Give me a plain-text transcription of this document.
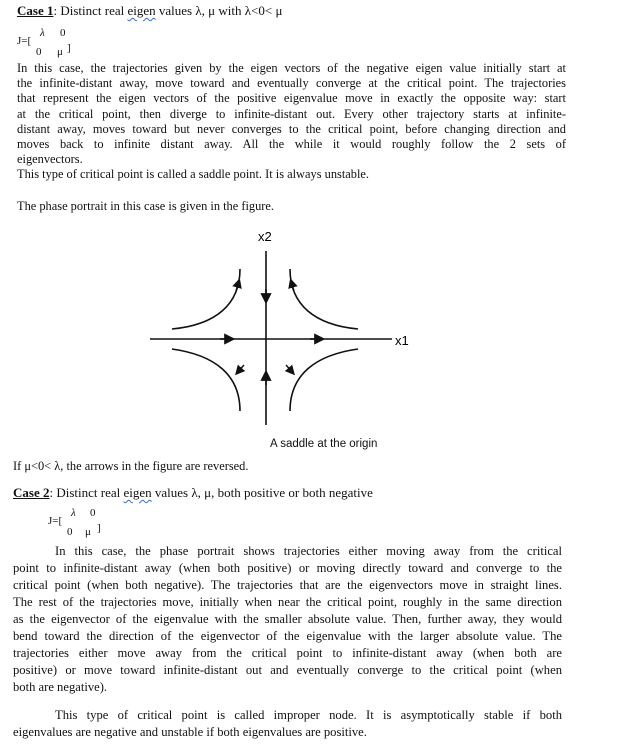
Case 1: Distinct real eigen values λ, μ with λ<0< μ
J=[
λ 0
0 μ ]
In this case, the trajectories given by the eigen vectors of the negative eigen value initially start at
the infinite-distant away, move toward and eventually converge at the critical point. The trajectories
that represent the eigen vectors of the positive eigenvalue move in exactly the opposite way: start
at the critical point, then diverge to infinite-distant out. Every other trajectory starts at infinite-
distant away, moves toward but never converges to the critical point, before changing direction and
moves back to infinite distant away. All the while it would roughly follow the 2 sets of
eigenvectors.
This type of critical point is called a saddle point. It is always unstable.
The phase portrait in this case is given in the figure.
x2
x1
A saddle at the origin
If μ<0< λ, the arrows in the figure are reversed.
Case 2: Distinct real eigen values λ, μ, both positive or both negative
J=[
λ 0
0 μ ]
In this case, the phase portrait shows trajectories either moving away from the critical
point to infinite-distant away (when both positive) or moving directly toward and converge to the
critical point (when both negative). The trajectories that are the eigenvectors move in straight lines.
The rest of the trajectories move, initially when near the critical point, roughly in the same direction
as the eigenvector of the eigenvalue with the smaller absolute value. Then, further away, they would
bend toward the direction of the eigenvector of the eigenvalue with the larger absolute value. The
trajectories either move away from the critical point to infinite-distant away (when both are
positive) or move toward infinite-distant out and eventually converge to the critical point (when
both are negative).
This type of critical point is called improper node. It is asymptotically stable if both
eigenvalues are negative and unstable if both eigenvalues are positive.
